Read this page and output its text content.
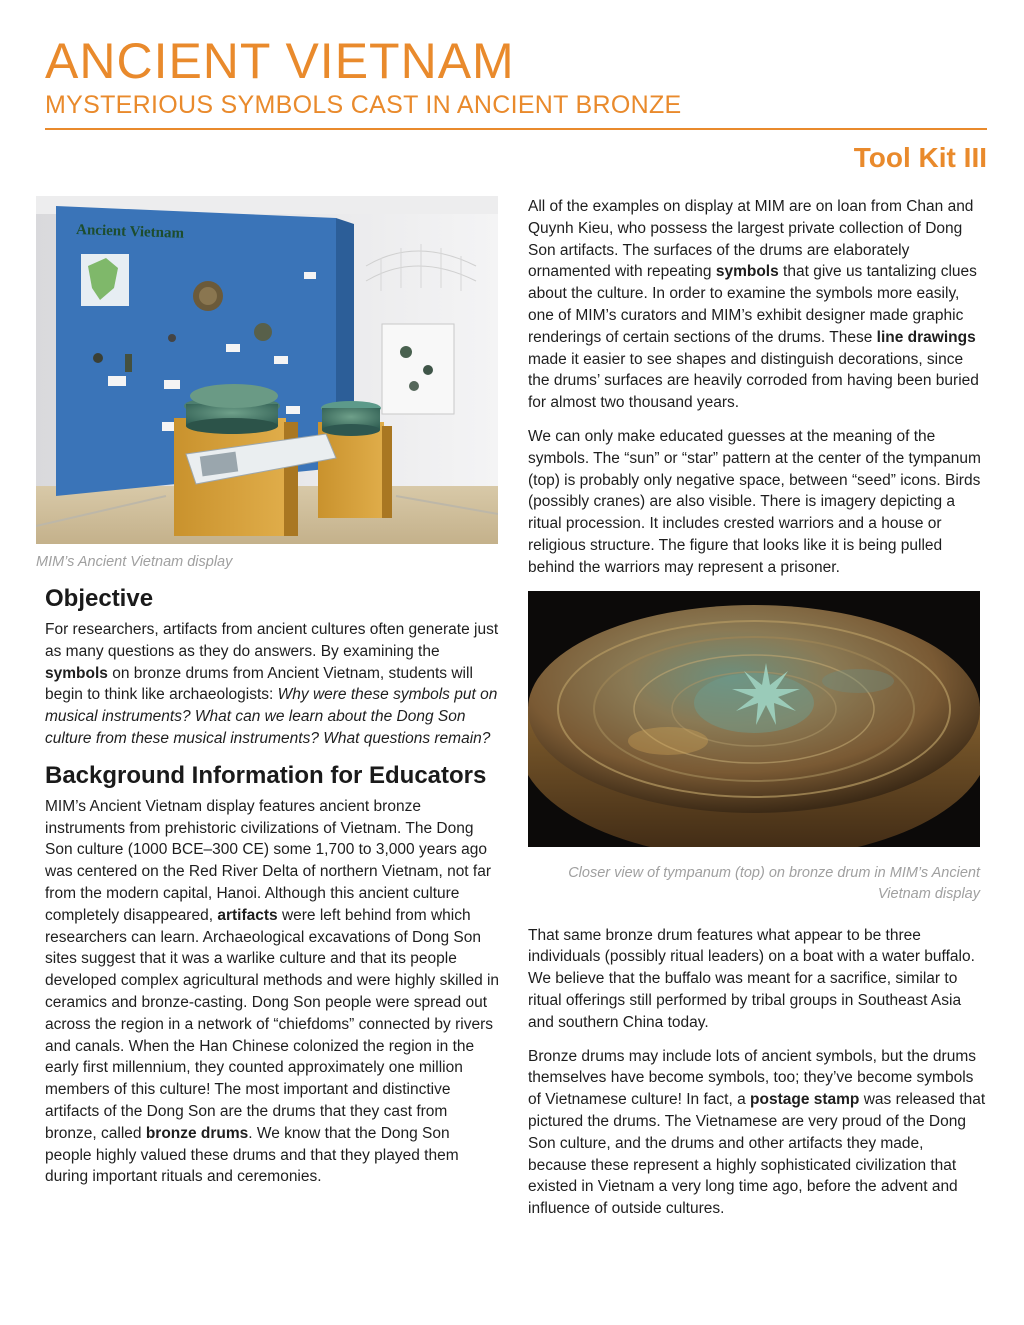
ANCIENT VIETNAM
MYSTERIOUS SYMBOLS CAST IN ANCIENT BRONZE
Tool Kit III
Ancient Vietnam
MIM’s Ancient Vietnam display
Objective

For researchers, artifacts from ancient cultures often generate just as many questions as they do answers. By examining the symbols on bronze drums from Ancient Vietnam, students will begin to think like archaeologists: Why were these symbols put on musical instruments? What can we learn about the Dong Son culture from these musical instruments? What questions remain?

Background Information for Educators

MIM’s Ancient Vietnam display features ancient bronze instruments from prehistoric civilizations of Vietnam. The Dong Son culture (1000 BCE–300 CE) some 1,700 to 3,000 years ago was centered on the Red River Delta of northern Vietnam, not far from the modern capital, Hanoi. Although this ancient culture completely disappeared, artifacts were left behind from which researchers can learn. Archaeological excavations of Dong Son sites suggest that it was a warlike culture and that its people developed complex agricultural methods and were highly skilled in ceramics and bronze-casting. Dong Son people were spread out across the region in a network of “chiefdoms” connected by rivers and canals. When the Han Chinese colonized the region in the early first millennium, they counted approximately one million members of this culture! The most important and distinctive artifacts of the Dong Son are the drums that they cast from bronze, called bronze drums. We know that the Dong Son people highly valued these drums and that they played them during important rituals and ceremonies.

All of the examples on display at MIM are on loan from Chan and Quynh Kieu, who possess the largest private collection of Dong Son artifacts. The surfaces of the drums are elaborately ornamented with repeating symbols that give us tantalizing clues about the culture. In order to examine the symbols more easily, one of MIM’s curators and MIM’s exhibit designer made graphic renderings of certain sections of the drums. These line drawings made it easier to see shapes and distinguish decorations, since the drums’ surfaces are heavily corroded from having been buried for almost two thousand years.

We can only make educated guesses at the meaning of the symbols. The “sun” or “star” pattern at the center of the tympanum (top) is probably only negative space, between “seed” icons. Birds (possibly cranes) are also visible. There is imagery depicting a ritual procession. It includes crested warriors and a house or religious structure. The figure that looks like it is being pulled behind the warriors may represent a prisoner.

Closer view of tympanum (top) on bronze drum in MIM’s Ancient Vietnam display

That same bronze drum features what appear to be three individuals (possibly ritual leaders) on a boat with a water buffalo. We believe that the buffalo was meant for a sacrifice, similar to ritual offerings still performed by tribal groups in Southeast Asia and southern China today.

Bronze drums may include lots of ancient symbols, but the drums themselves have become symbols, too; they’ve become symbols of Vietnamese culture! In fact, a postage stamp was released that pictured the drums. The Vietnamese are very proud of the Dong Son culture, and the drums and other artifacts they made, because these represent a highly sophisticated civilization that existed in Vietnam a very long time ago, before the advent and influence of outside cultures.
